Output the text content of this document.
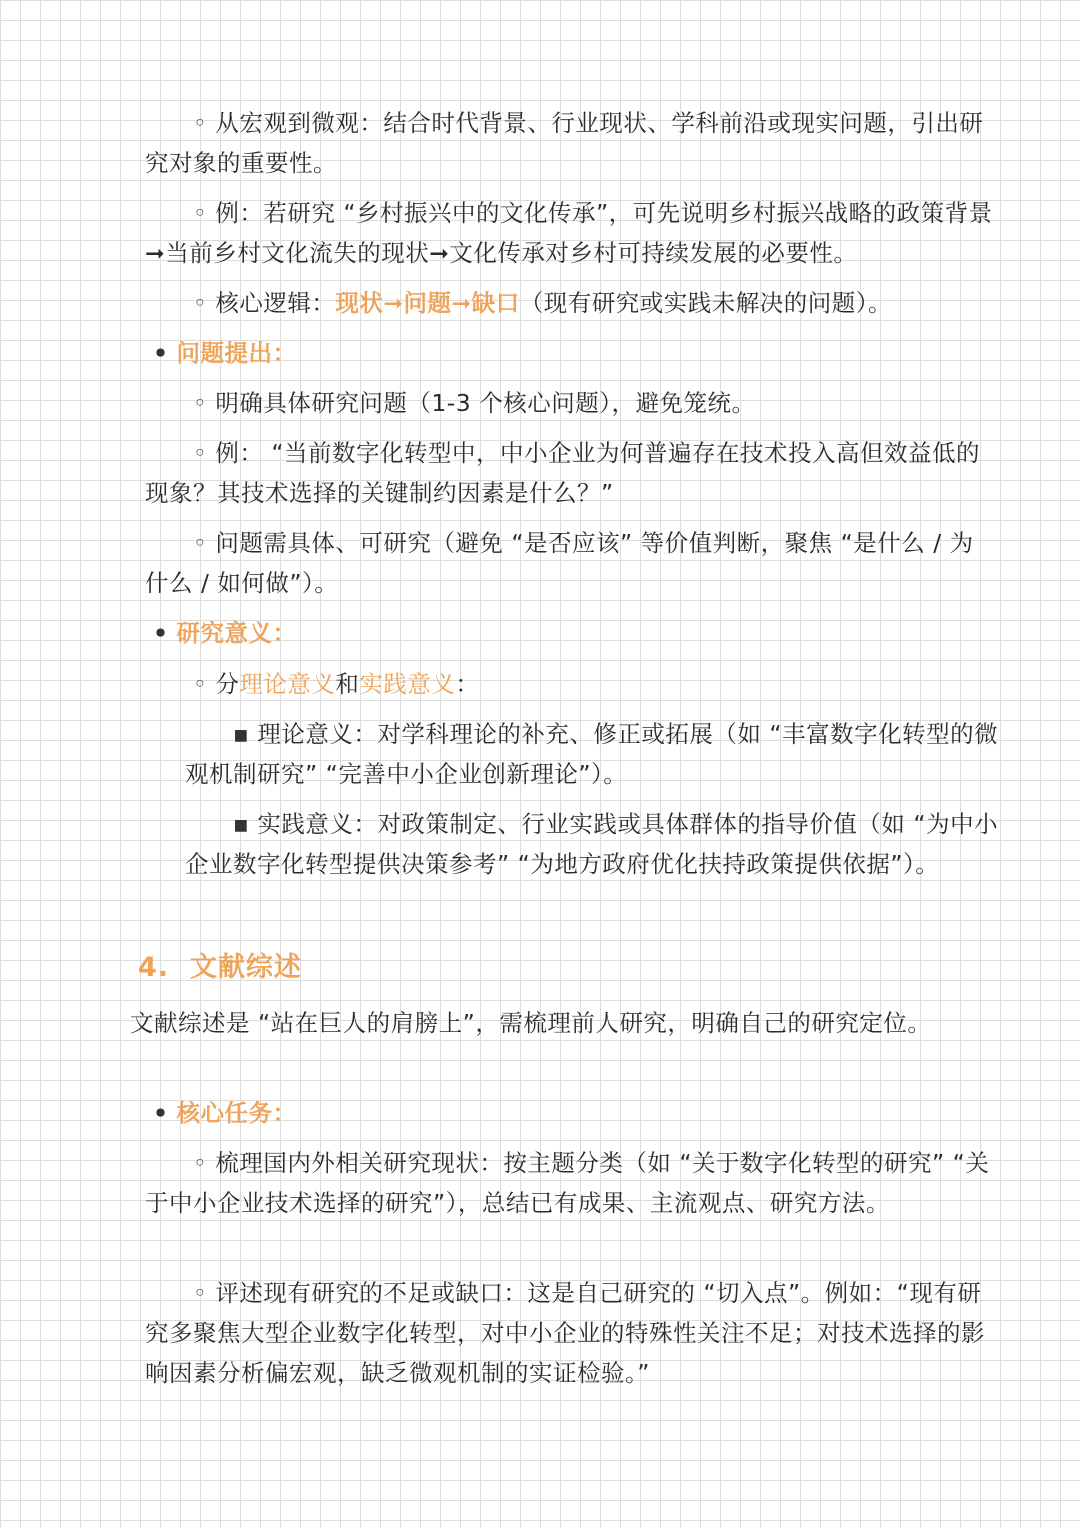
◦ 从宏观到微观：结合时代背景、行业现状、学科前沿或现实问题，引出研究对象的重要性。
◦ 例：若研究 “乡村振兴中的文化传承”，可先说明乡村振兴战略的政策背景➞当前乡村文化流失的现状➞文化传承对乡村可持续发展的必要性。
◦ 核心逻辑：现状➞问题➞缺口（现有研究或实践未解决的问题）。
• 问题提出：
◦ 明确具体研究问题（1-3 个核心问题），避免笼统。
◦ 例： “当前数字化转型中，中小企业为何普遍存在技术投入高但效益低的现象？其技术选择的关键制约因素是什么？”
◦ 问题需具体、可研究（避免 “是否应该” 等价值判断，聚焦 “是什么 / 为什么 / 如何做”）。
• 研究意义：
◦ 分理论意义和实践意义：
▪ 理论意义：对学科理论的补充、修正或拓展（如 “丰富数字化转型的微观机制研究” “完善中小企业创新理论”）。
▪ 实践意义：对政策制定、行业实践或具体群体的指导价值（如 “为中小企业数字化转型提供决策参考” “为地方政府优化扶持政策提供依据”）。
4. 文献综述
文献综述是 “站在巨人的肩膀上”，需梳理前人研究，明确自己的研究定位。
• 核心任务：
◦ 梳理国内外相关研究现状：按主题分类（如 “关于数字化转型的研究” “关于中小企业技术选择的研究”），总结已有成果、主流观点、研究方法。
◦ 评述现有研究的不足或缺口：这是自己研究的 “切入点”。例如：“现有研究多聚焦大型企业数字化转型，对中小企业的特殊性关注不足；对技术选择的影响因素分析偏宏观，缺乏微观机制的实证检验。”
